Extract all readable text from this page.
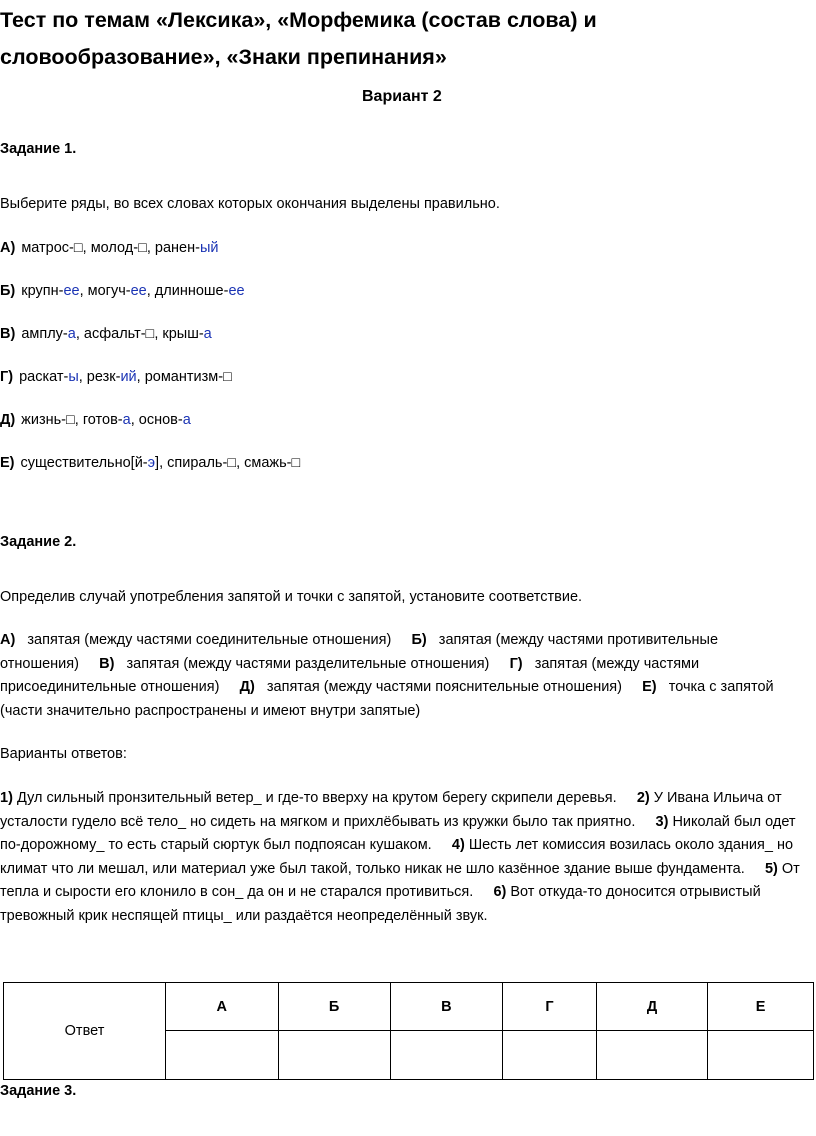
Тест по темам «Лексика», «Морфемика (состав слова) и словообразование», «Знаки препинания»
Вариант 2
Задание 1.
Выберите ряды, во всех словах которых окончания выделены правильно.
А) матрос-□, молод-□, ранен-ый
Б) крупн-ее, могуч-ее, длинноше-ее
В) амплу-а, асфальт-□, крыш-а
Г) раскат-ы, резк-ий, романтизм-□
Д) жизнь-□, готов-а, основ-а
Е) существительно[й-э], спираль-□, смажь-□
Задание 2.
Определив случай употребления запятой и точки с запятой, установите соответствие.

А) запятая (между частями соединительные отношения) Б) запятая (между частями противительные отношения) В) запятая (между частями разделительные отношения) Г) запятая (между частями присоединительные отношения) Д) запятая (между частями пояснительные отношения) Е) точка с запятой (части значительно распространены и имеют внутри запятые)

Варианты ответов:

1) Дул сильный пронзительный ветер_ и где-то вверху на крутом берегу скрипели деревья. 2) У Ивана Ильича от усталости гудело всё тело_ но сидеть на мягком и прихлёбывать из кружки было так приятно. 3) Николай был одет по-дорожному_ то есть старый сюртук был подпоясан кушаком. 4) Шесть лет комиссия возилась около здания_ но климат что ли мешал, или материал уже был такой, только никак не шло казённое здание выше фундамента. 5) От тепла и сырости его клонило в сон_ да он и не старался противиться. 6) Вот откуда-то доносится отрывистый тревожный крик неспящей птицы_ или раздаётся неопределённый звук.

Ответ	А	Б	В	Г	Д	Е

Задание 3.
